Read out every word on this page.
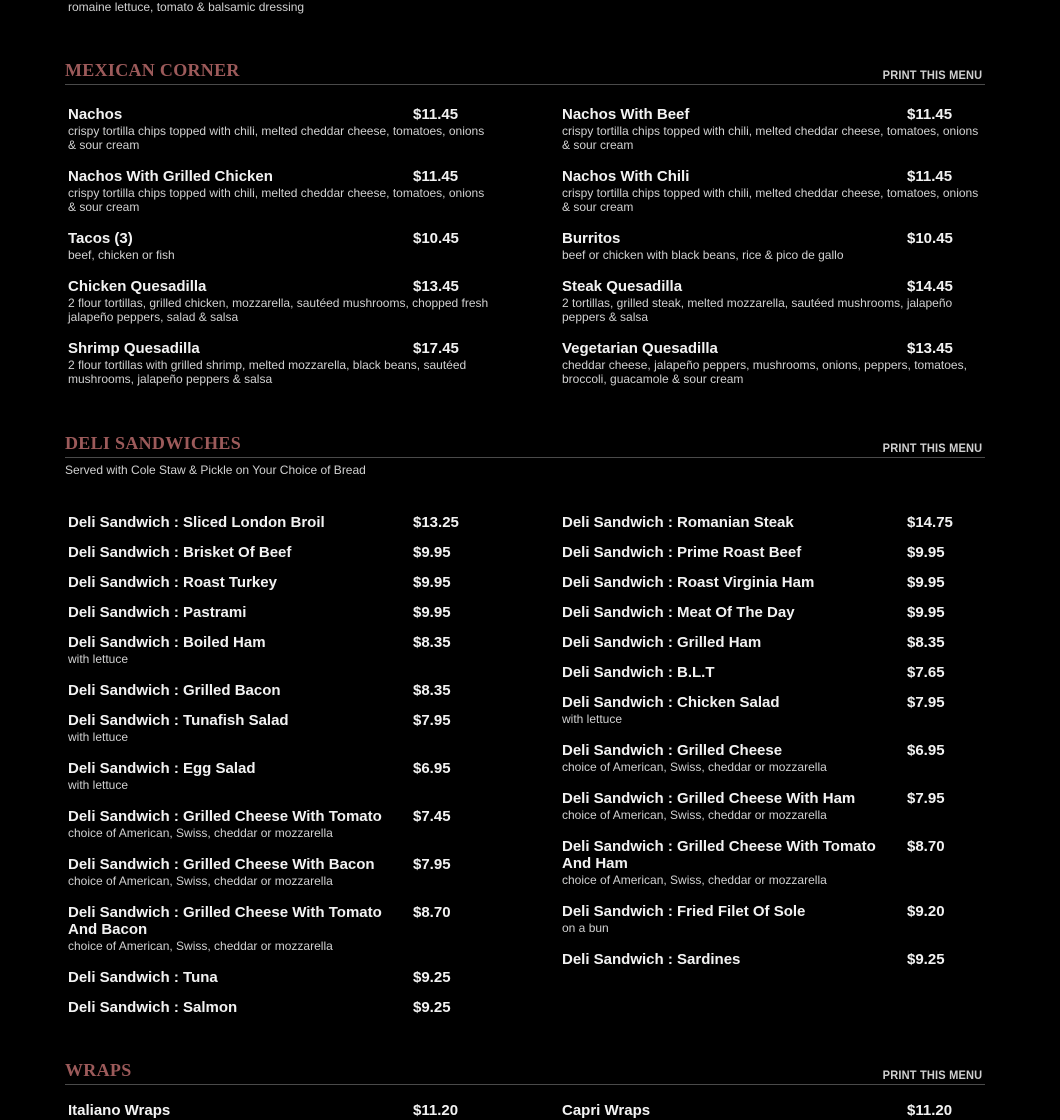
romaine lettuce, tomato & balsamic dressing
MEXICAN CORNER	PRINT THIS MENU
DELI SANDWICHES	PRINT THIS MENU
Served with Cole Staw & Pickle on Your Choice of Bread
WRAPS	PRINT THIS MENU
Nachos	$11.45
crispy tortilla chips topped with chili, melted cheddar cheese, tomatoes, onions & sour cream
Nachos With Beef	$11.45
crispy tortilla chips topped with chili, melted cheddar cheese, tomatoes, onions & sour cream
Nachos With Grilled Chicken	$11.45
crispy tortilla chips topped with chili, melted cheddar cheese, tomatoes, onions & sour cream
Nachos With Chili	$11.45
crispy tortilla chips topped with chili, melted cheddar cheese, tomatoes, onions & sour cream
Tacos (3)	$10.45
beef, chicken or fish
Burritos	$10.45
beef or chicken with black beans, rice & pico de gallo
Chicken Quesadilla	$13.45
2 flour tortillas, grilled chicken, mozzarella, sautéed mushrooms, chopped fresh jalapeño peppers, salad & salsa
Steak Quesadilla	$14.45
2 tortillas, grilled steak, melted mozzarella, sautéed mushrooms, jalapeño peppers & salsa
Shrimp Quesadilla	$17.45
2 flour tortillas with grilled shrimp, melted mozzarella, black beans, sautéed mushrooms, jalapeño peppers & salsa
Vegetarian Quesadilla	$13.45
cheddar cheese, jalapeño peppers, mushrooms, onions, peppers, tomatoes, broccoli, guacamole & sour cream
Deli Sandwich : Sliced London Broil	$13.25
Deli Sandwich : Brisket Of Beef	$9.95
Deli Sandwich : Roast Turkey	$9.95
Deli Sandwich : Pastrami	$9.95
Deli Sandwich : Boiled Ham	$8.35
with lettuce
Deli Sandwich : Grilled Bacon	$8.35
Deli Sandwich : Tunafish Salad	$7.95
with lettuce
Deli Sandwich : Egg Salad	$6.95
with lettuce
Deli Sandwich : Grilled Cheese With Tomato	$7.45
choice of American, Swiss, cheddar or mozzarella
Deli Sandwich : Grilled Cheese With Bacon	$7.95
choice of American, Swiss, cheddar or mozzarella
Deli Sandwich : Grilled Cheese With Tomato And Bacon
$8.70
choice of American, Swiss, cheddar or mozzarella
Deli Sandwich : Tuna	$9.25
Deli Sandwich : Salmon	$9.25
Deli Sandwich : Romanian Steak	$14.75
Deli Sandwich : Prime Roast Beef	$9.95
Deli Sandwich : Roast Virginia Ham	$9.95
Deli Sandwich : Meat Of The Day	$9.95
Deli Sandwich : Grilled Ham	$8.35
Deli Sandwich : B.L.T	$7.65
Deli Sandwich : Chicken Salad	$7.95
with lettuce
Deli Sandwich : Grilled Cheese	$6.95
choice of American, Swiss, cheddar or mozzarella
Deli Sandwich : Grilled Cheese With Ham	$7.95
choice of American, Swiss, cheddar or mozzarella
Deli Sandwich : Grilled Cheese With Tomato And Ham
$8.70
choice of American, Swiss, cheddar or mozzarella
Deli Sandwich : Fried Filet Of Sole	$9.20
on a bun
Deli Sandwich : Sardines	$9.25
Italiano Wraps	$11.20	Capri Wraps	$11.20
